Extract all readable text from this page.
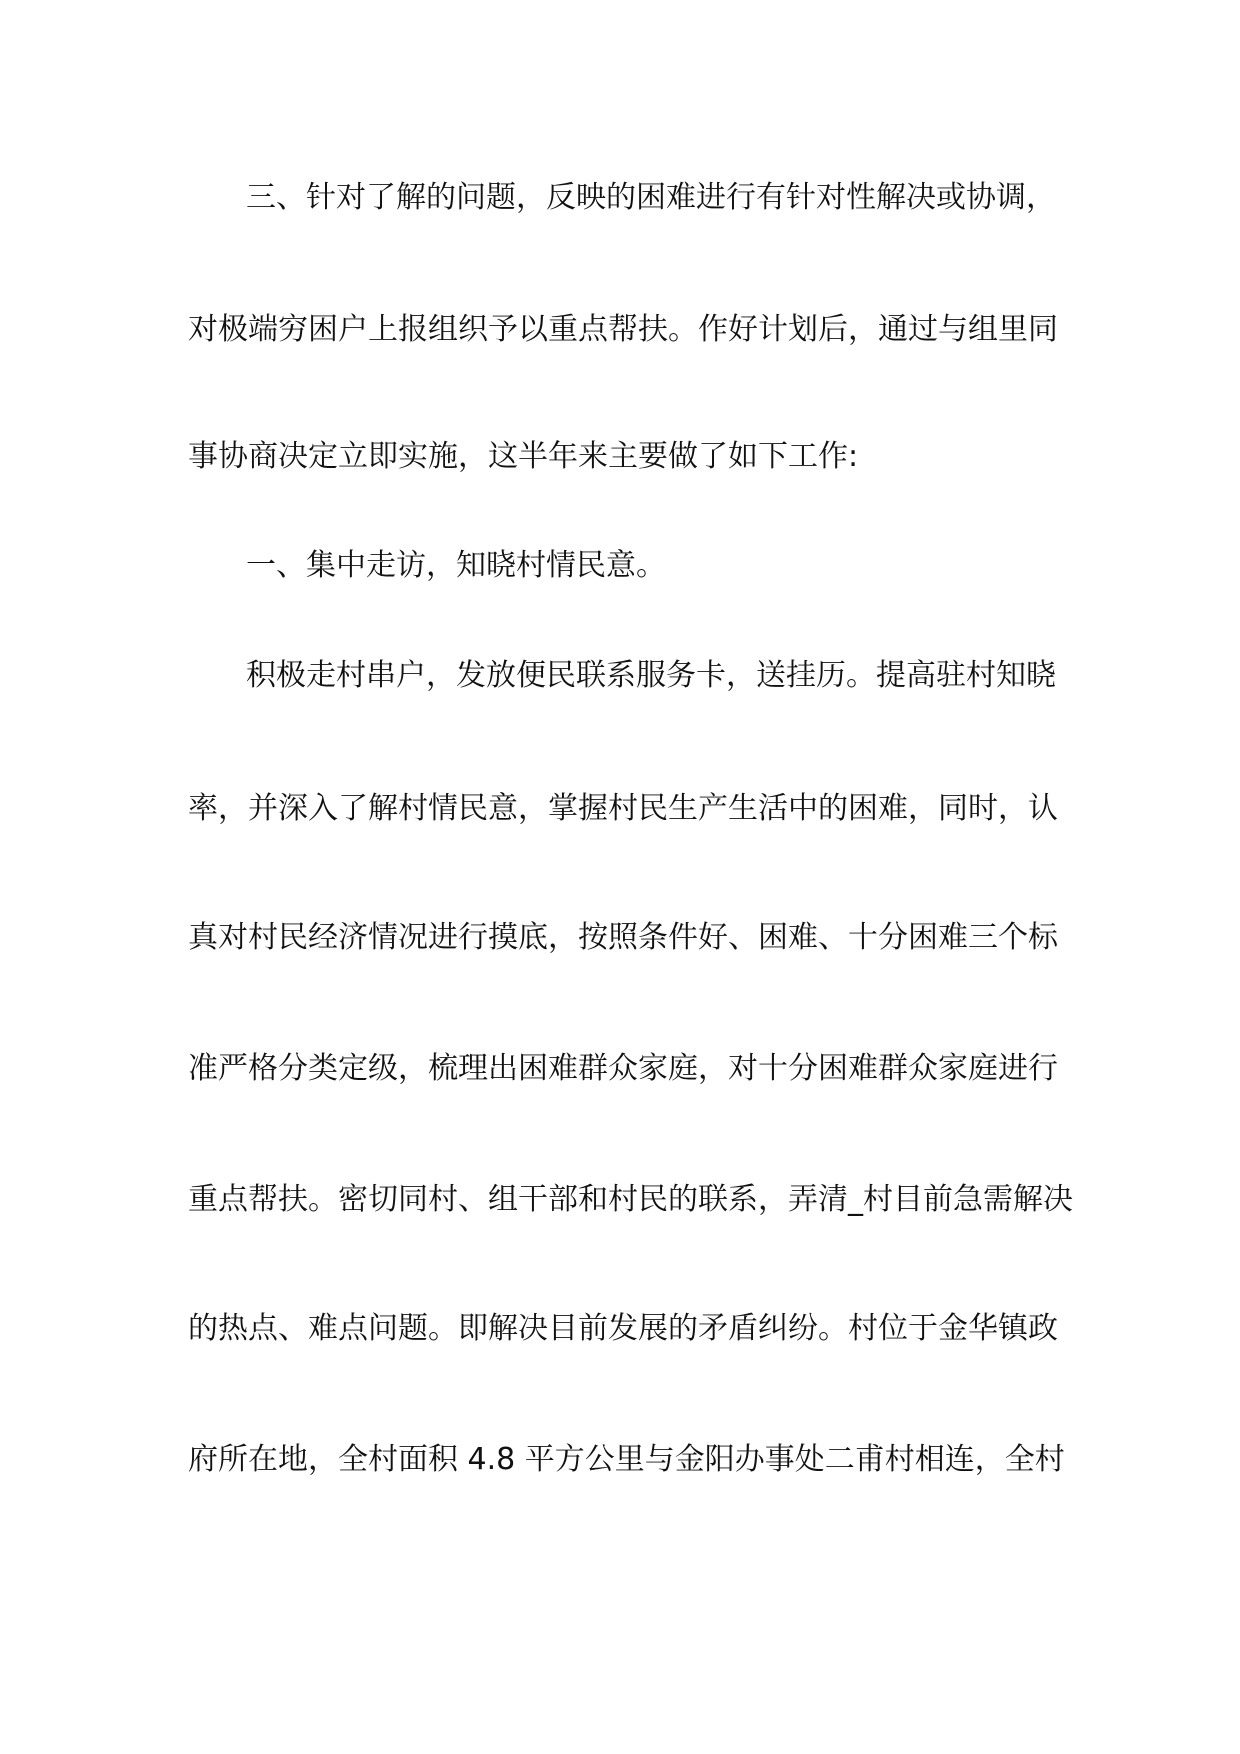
三、针对了解的问题，反映的困难进行有针对性解决或协调，
对极端穷困户上报组织予以重点帮扶。作好计划后，通过与组里同
事协商决定立即实施，这半年来主要做了如下工作:
一、集中走访，知晓村情民意。
积极走村串户，发放便民联系服务卡，送挂历。提高驻村知晓
率，并深入了解村情民意，掌握村民生产生活中的困难，同时，认
真对村民经济情况进行摸底，按照条件好、困难、十分困难三个标
准严格分类定级，梳理出困难群众家庭，对十分困难群众家庭进行
重点帮扶。密切同村、组干部和村民的联系，弄清_村目前急需解决
的热点、难点问题。即解决目前发展的矛盾纠纷。村位于金华镇政
府所在地，全村面积 4.8 平方公里与金阳办事处二甫村相连，全村
